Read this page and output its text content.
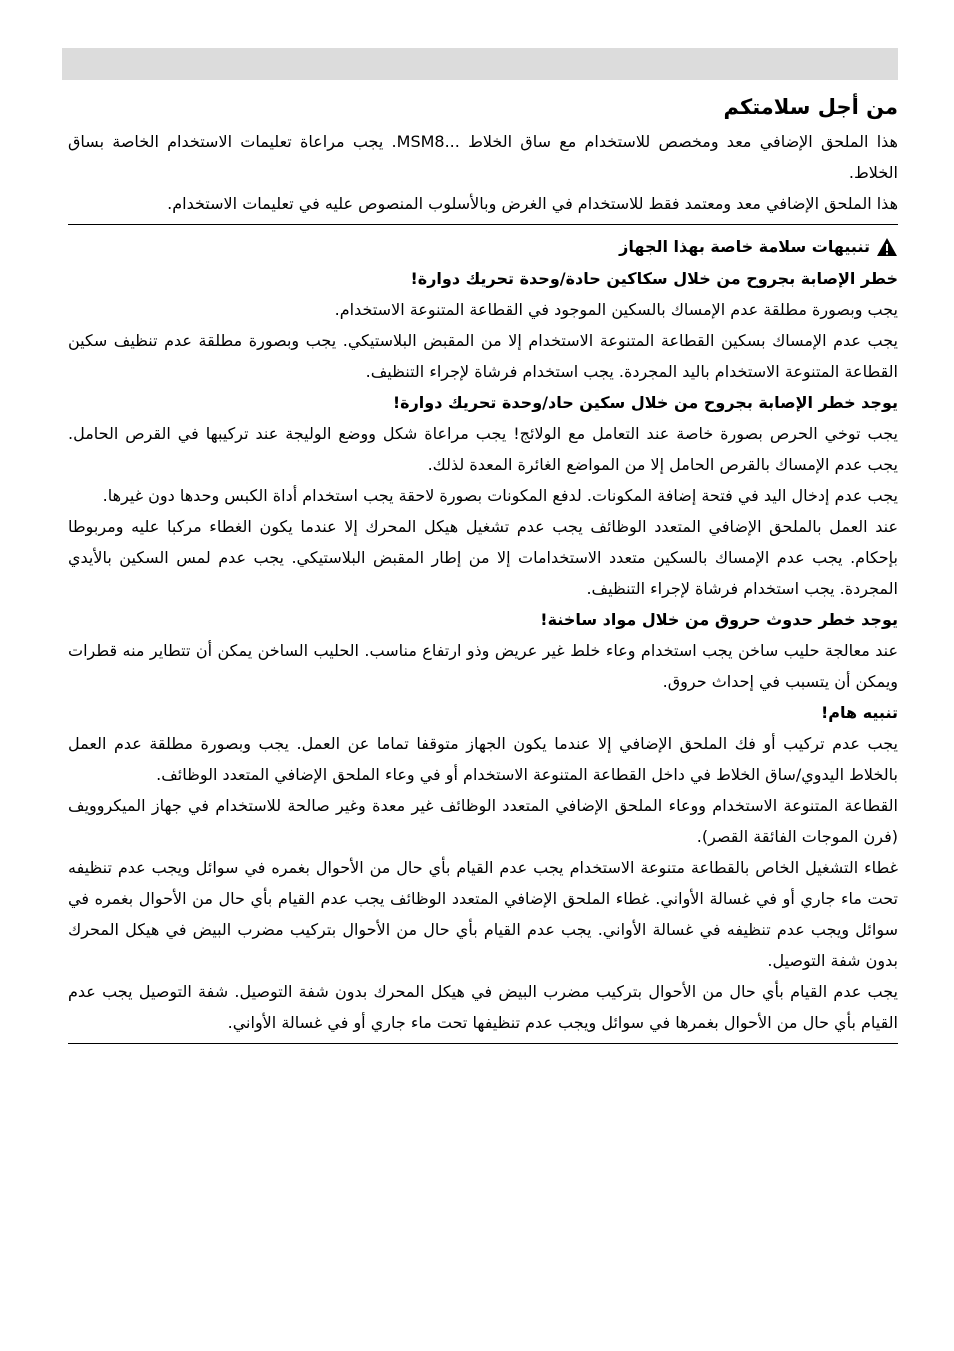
من أجل سلامتكم

هذا الملحق الإضافي معد ومخصص للاستخدام مع ساق الخلاط ...MSM8. يجب مراعاة تعليمات الاستخدام الخاصة بساق الخلاط.

هذا الملحق الإضافي معد ومعتمد فقط للاستخدام في الغرض وبالأسلوب المنصوص عليه في تعليمات الاستخدام.

تنبيهات سلامة خاصة بهذا الجهاز

خطر الإصابة بجروح من خلال سكاكين حادة/وحدة تحريك دوارة!

يجب وبصورة مطلقة عدم الإمساك بالسكين الموجود في القطاعة المتنوعة الاستخدام.

يجب عدم الإمساك بسكين القطاعة المتنوعة الاستخدام إلا من المقبض البلاستيكي. يجب وبصورة مطلقة عدم تنظيف سكين القطاعة المتنوعة الاستخدام باليد المجردة. يجب استخدام فرشاة لإجراء التنظيف.

يوجد خطر الإصابة بجروح من خلال سكين حاد/وحدة تحريك دوارة!

يجب توخي الحرص بصورة خاصة عند التعامل مع الولائج! يجب مراعاة شكل ووضع الوليجة عند تركيبها في القرص الحامل. يجب عدم الإمساك بالقرص الحامل إلا من المواضع الغائرة المعدة لذلك.

يجب عدم إدخال اليد في فتحة إضافة المكونات. لدفع المكونات بصورة لاحقة يجب استخدام أداة الكبس وحدها دون غيرها.

عند العمل بالملحق الإضافي المتعدد الوظائف يجب عدم تشغيل هيكل المحرك إلا عندما يكون الغطاء مركبا عليه ومربوطا بإحكام. يجب عدم الإمساك بالسكين متعدد الاستخدامات إلا من إطار المقبض البلاستيكي. يجب عدم لمس السكين بالأيدي المجردة. يجب استخدام فرشاة لإجراء التنظيف.

يوجد خطر حدوث حروق من خلال مواد ساخنة!

عند معالجة حليب ساخن يجب استخدام وعاء خلط غير عريض وذو ارتفاع مناسب. الحليب الساخن يمكن أن تتطاير منه قطرات ويمكن أن يتسبب في إحداث حروق.

تنبيه هام!

يجب عدم تركيب أو فك الملحق الإضافي إلا عندما يكون الجهاز متوقفا تماما عن العمل. يجب وبصورة مطلقة عدم العمل بالخلاط اليدوي/ساق الخلاط في داخل القطاعة المتنوعة الاستخدام أو في وعاء الملحق الإضافي المتعدد الوظائف.

القطاعة المتنوعة الاستخدام ووعاء الملحق الإضافي المتعدد الوظائف غير معدة وغير صالحة للاستخدام في جهاز الميكروويف (فرن الموجات الفائقة القصر).

غطاء التشغيل الخاص بالقطاعة متنوعة الاستخدام يجب عدم القيام بأي حال من الأحوال بغمره في سوائل ويجب عدم تنظيفه تحت ماء جاري أو في غسالة الأواني. غطاء الملحق الإضافي المتعدد الوظائف يجب عدم القيام بأي حال من الأحوال بغمره في سوائل ويجب عدم تنظيفه في غسالة الأواني. يجب عدم القيام بأي حال من الأحوال بتركيب مضرب البيض في هيكل المحرك بدون شفة التوصيل.

يجب عدم القيام بأي حال من الأحوال بتركيب مضرب البيض في هيكل المحرك بدون شفة التوصيل. شفة التوصيل يجب عدم القيام بأي حال من الأحوال بغمرها في سوائل ويجب عدم تنظيفها تحت ماء جاري أو في غسالة الأواني.
